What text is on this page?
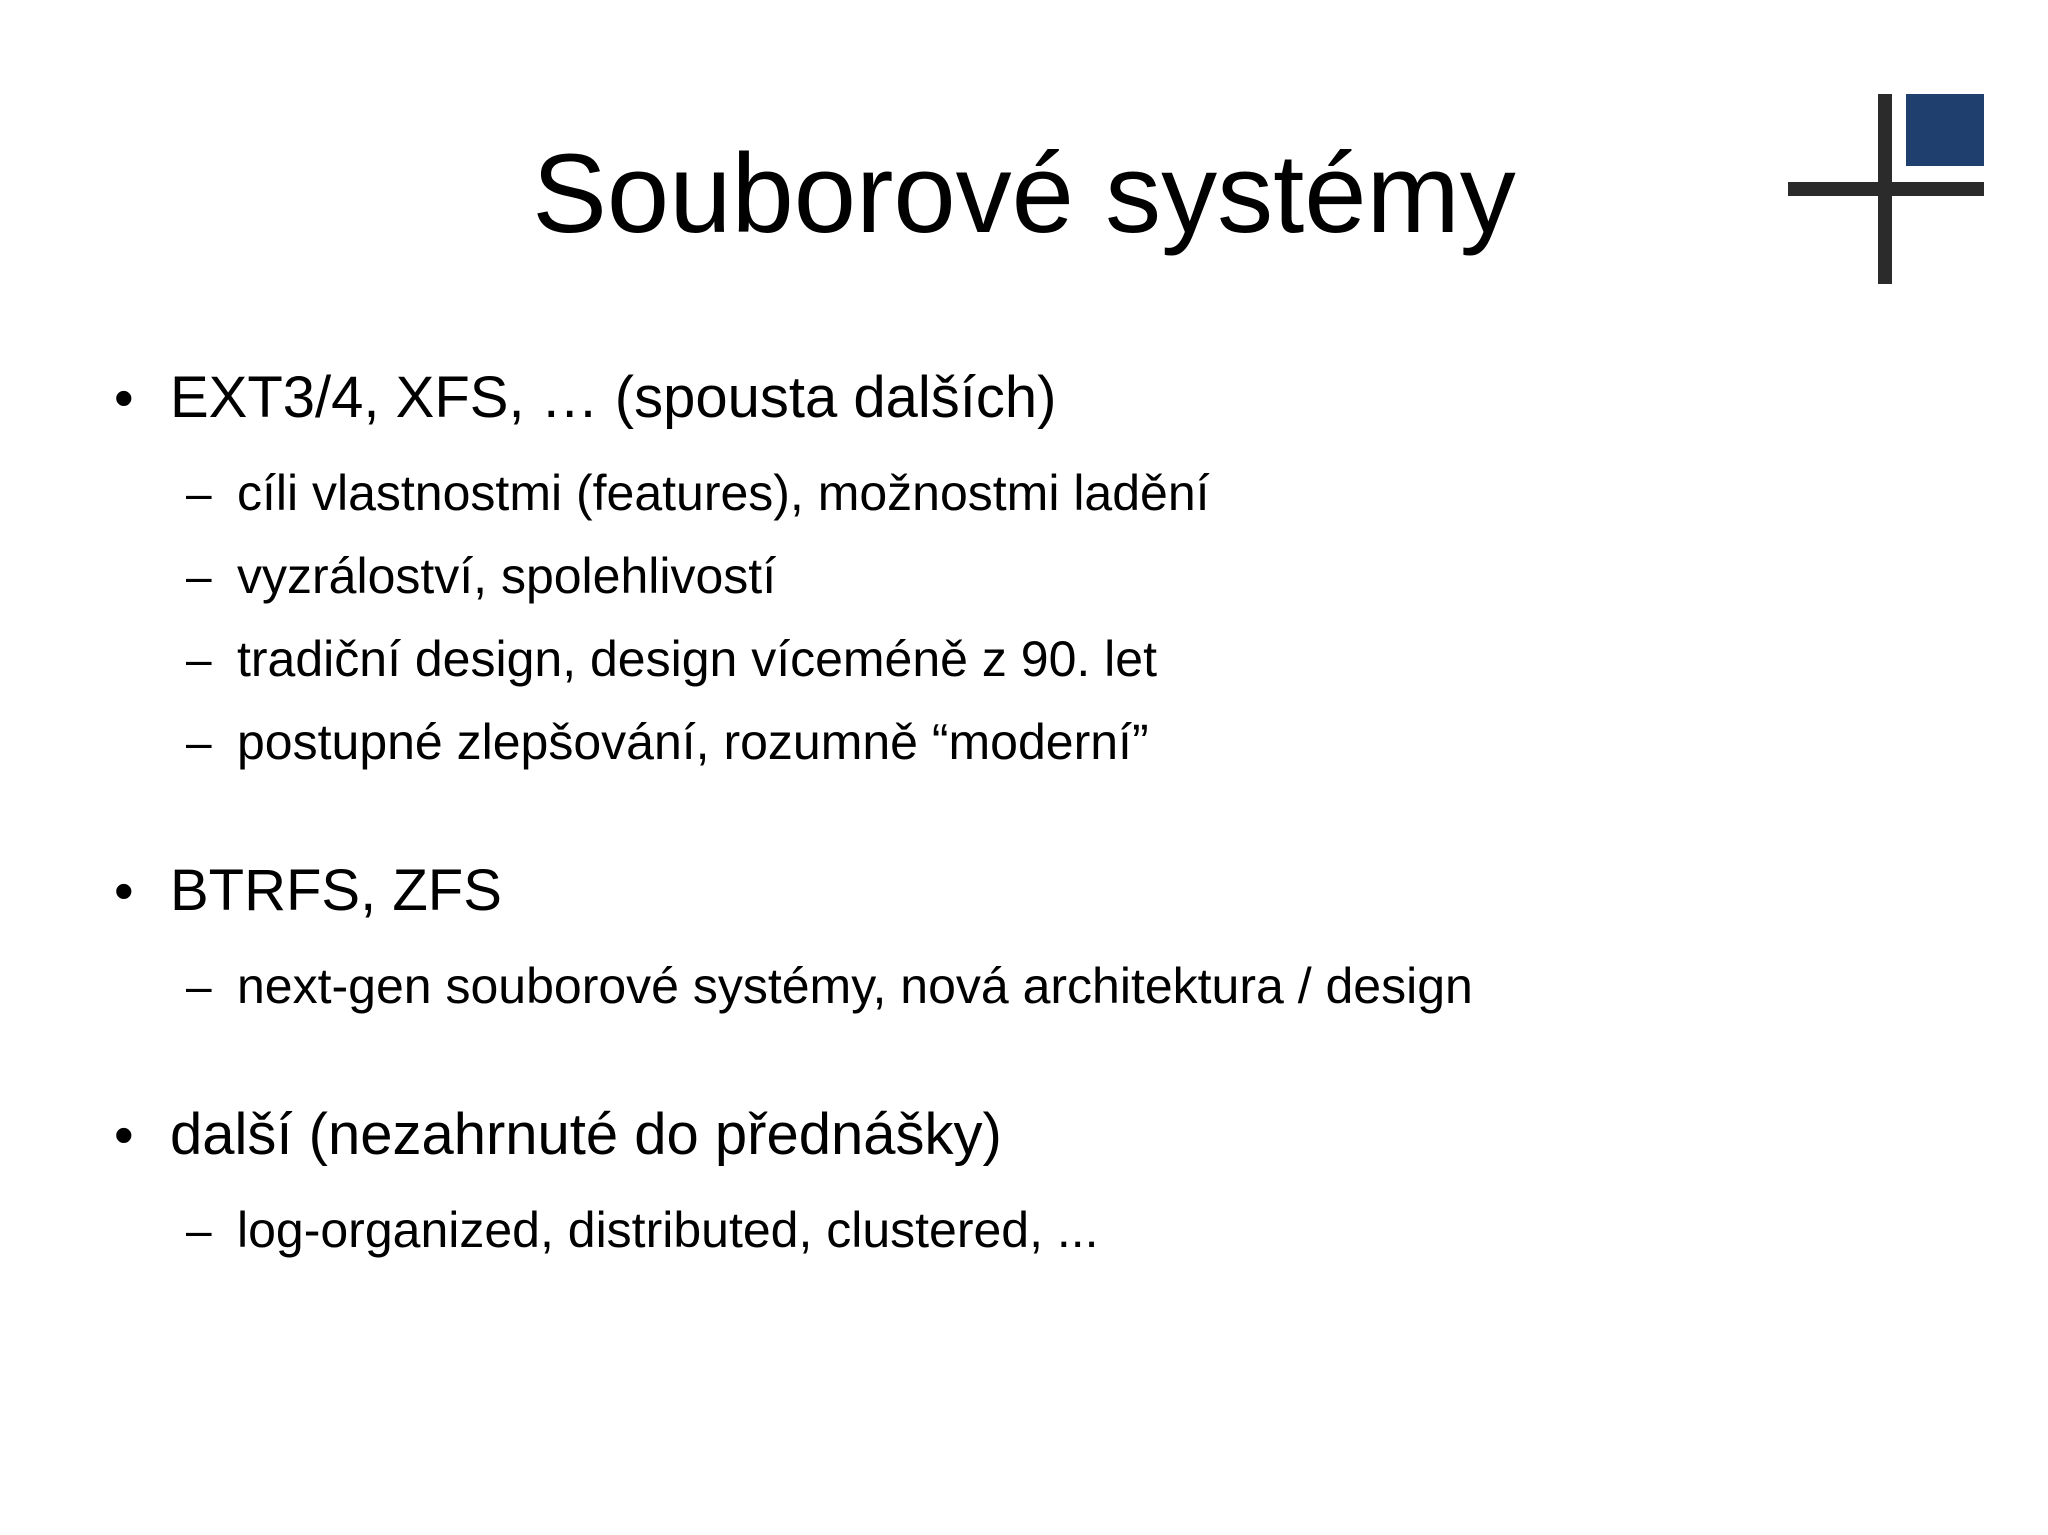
Souborové systémy
• EXT3/4, XFS, … (spousta dalších)
– cíli vlastnostmi (features), možnostmi ladění
– vyzráloství, spolehlivostí
– tradiční design, design víceméně z 90. let
– postupné zlepšování, rozumně “moderní”
• BTRFS, ZFS
– next-gen souborové systémy, nová architektura / design
• další (nezahrnuté do přednášky)
– log-organized, distributed, clustered, ...
